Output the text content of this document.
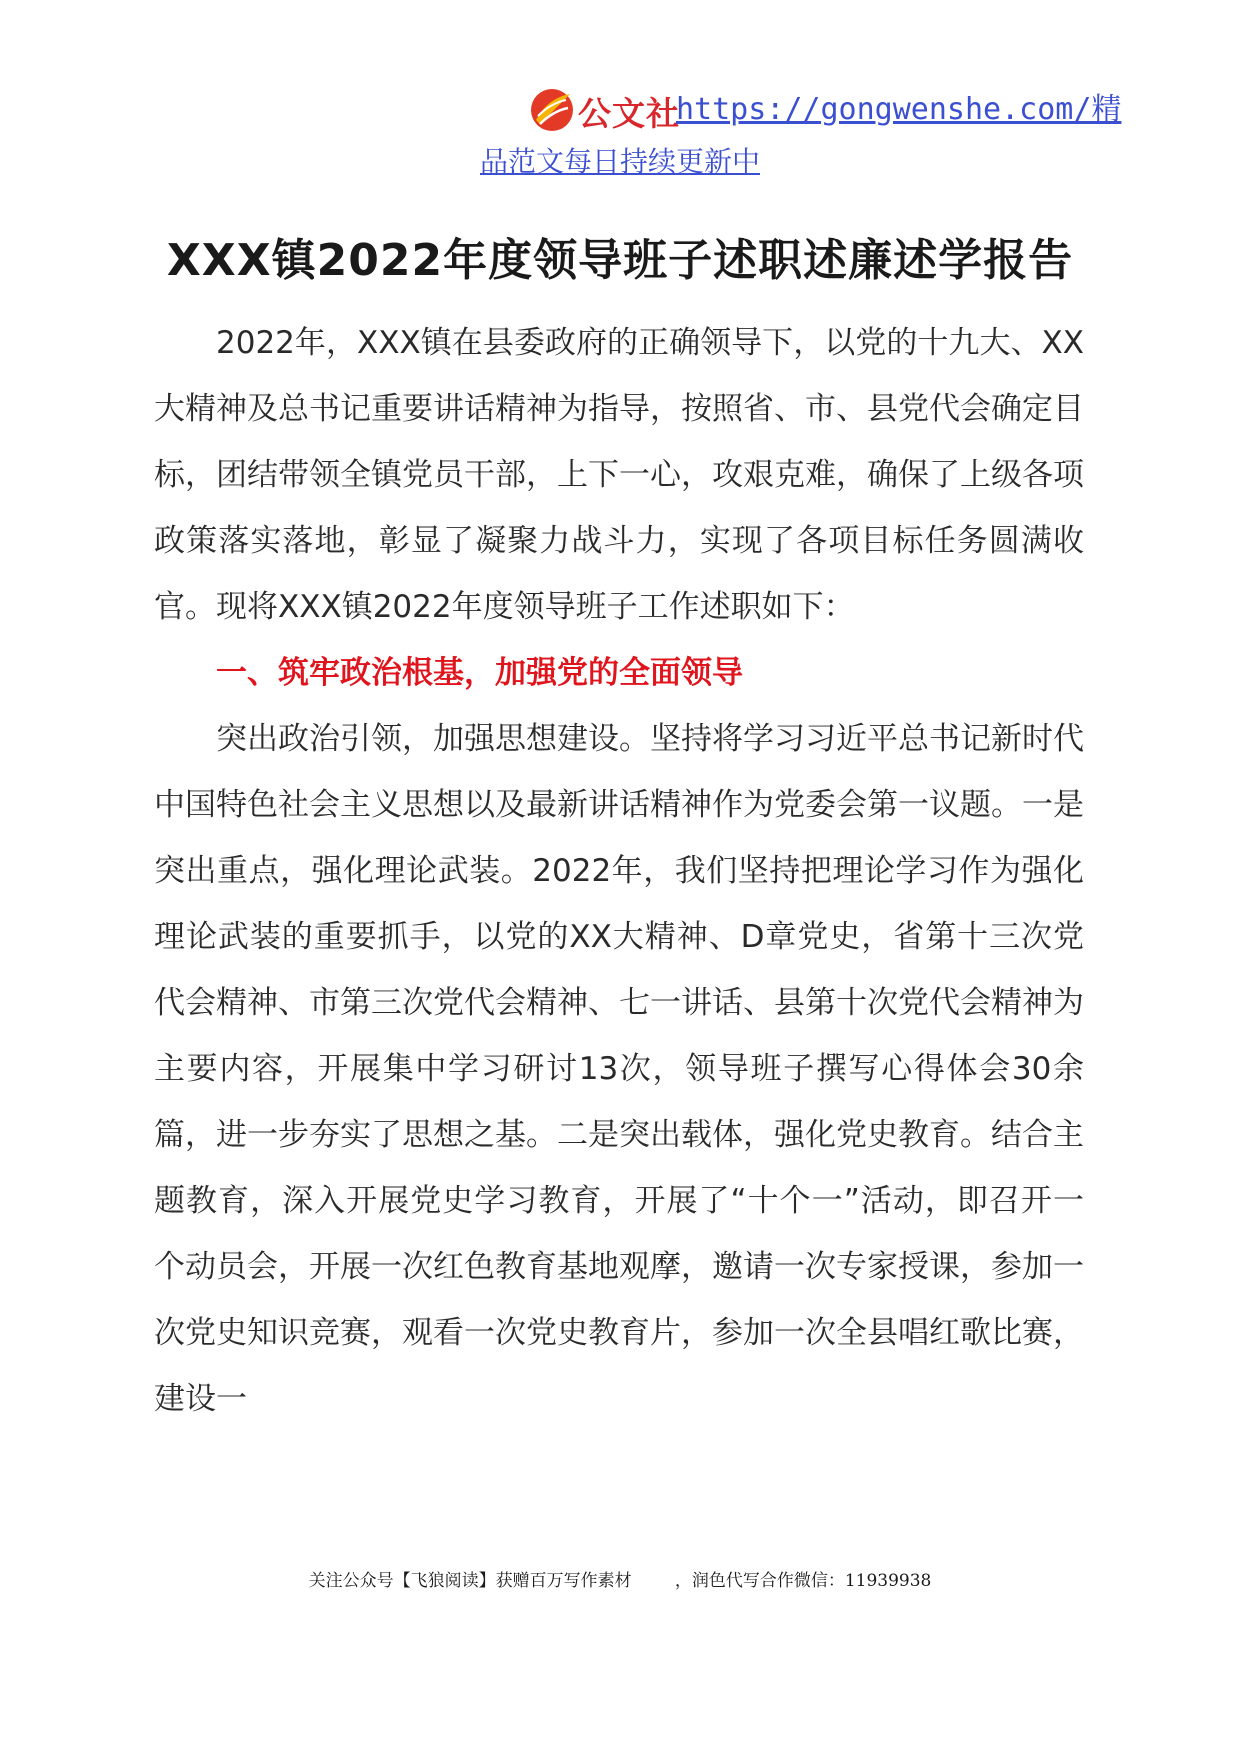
公文社
https://gongwenshe.com/精
品范文每日持续更新中
XXX镇2022年度领导班子述职述廉述学报告

2022年，XXX镇在县委政府的正确领导下，以党的十九大、XX大精神及总书记重要讲话精神为指导，按照省、市、县党代会确定目标，团结带领全镇党员干部，上下一心，攻艰克难，确保了上级各项政策落实落地，彰显了凝聚力战斗力，实现了各项目标任务圆满收官。现将XXX镇2022年度领导班子工作述职如下：

一、筑牢政治根基，加强党的全面领导

突出政治引领，加强思想建设。坚持将学习习近平总书记新时代中国特色社会主义思想以及最新讲话精神作为党委会第一议题。一是突出重点，强化理论武装。2022年，我们坚持把理论学习作为强化理论武装的重要抓手，以党的XX大精神、D章党史，省第十三次党代会精神、市第三次党代会精神、七一讲话、县第十次党代会精神为主要内容，开展集中学习研讨13次，领导班子撰写心得体会30余篇，进一步夯实了思想之基。二是突出载体，强化党史教育。结合主题教育，深入开展党史学习教育，开展了“十个一”活动，即召开一个动员会，开展一次红色教育基地观摩，邀请一次专家授课，参加一次党史知识竞赛，观看一次党史教育片，参加一次全县唱红歌比赛，建设一

关注公众号【飞狼阅读】获赠百万写作素材        ，润色代写合作微信：11939938
